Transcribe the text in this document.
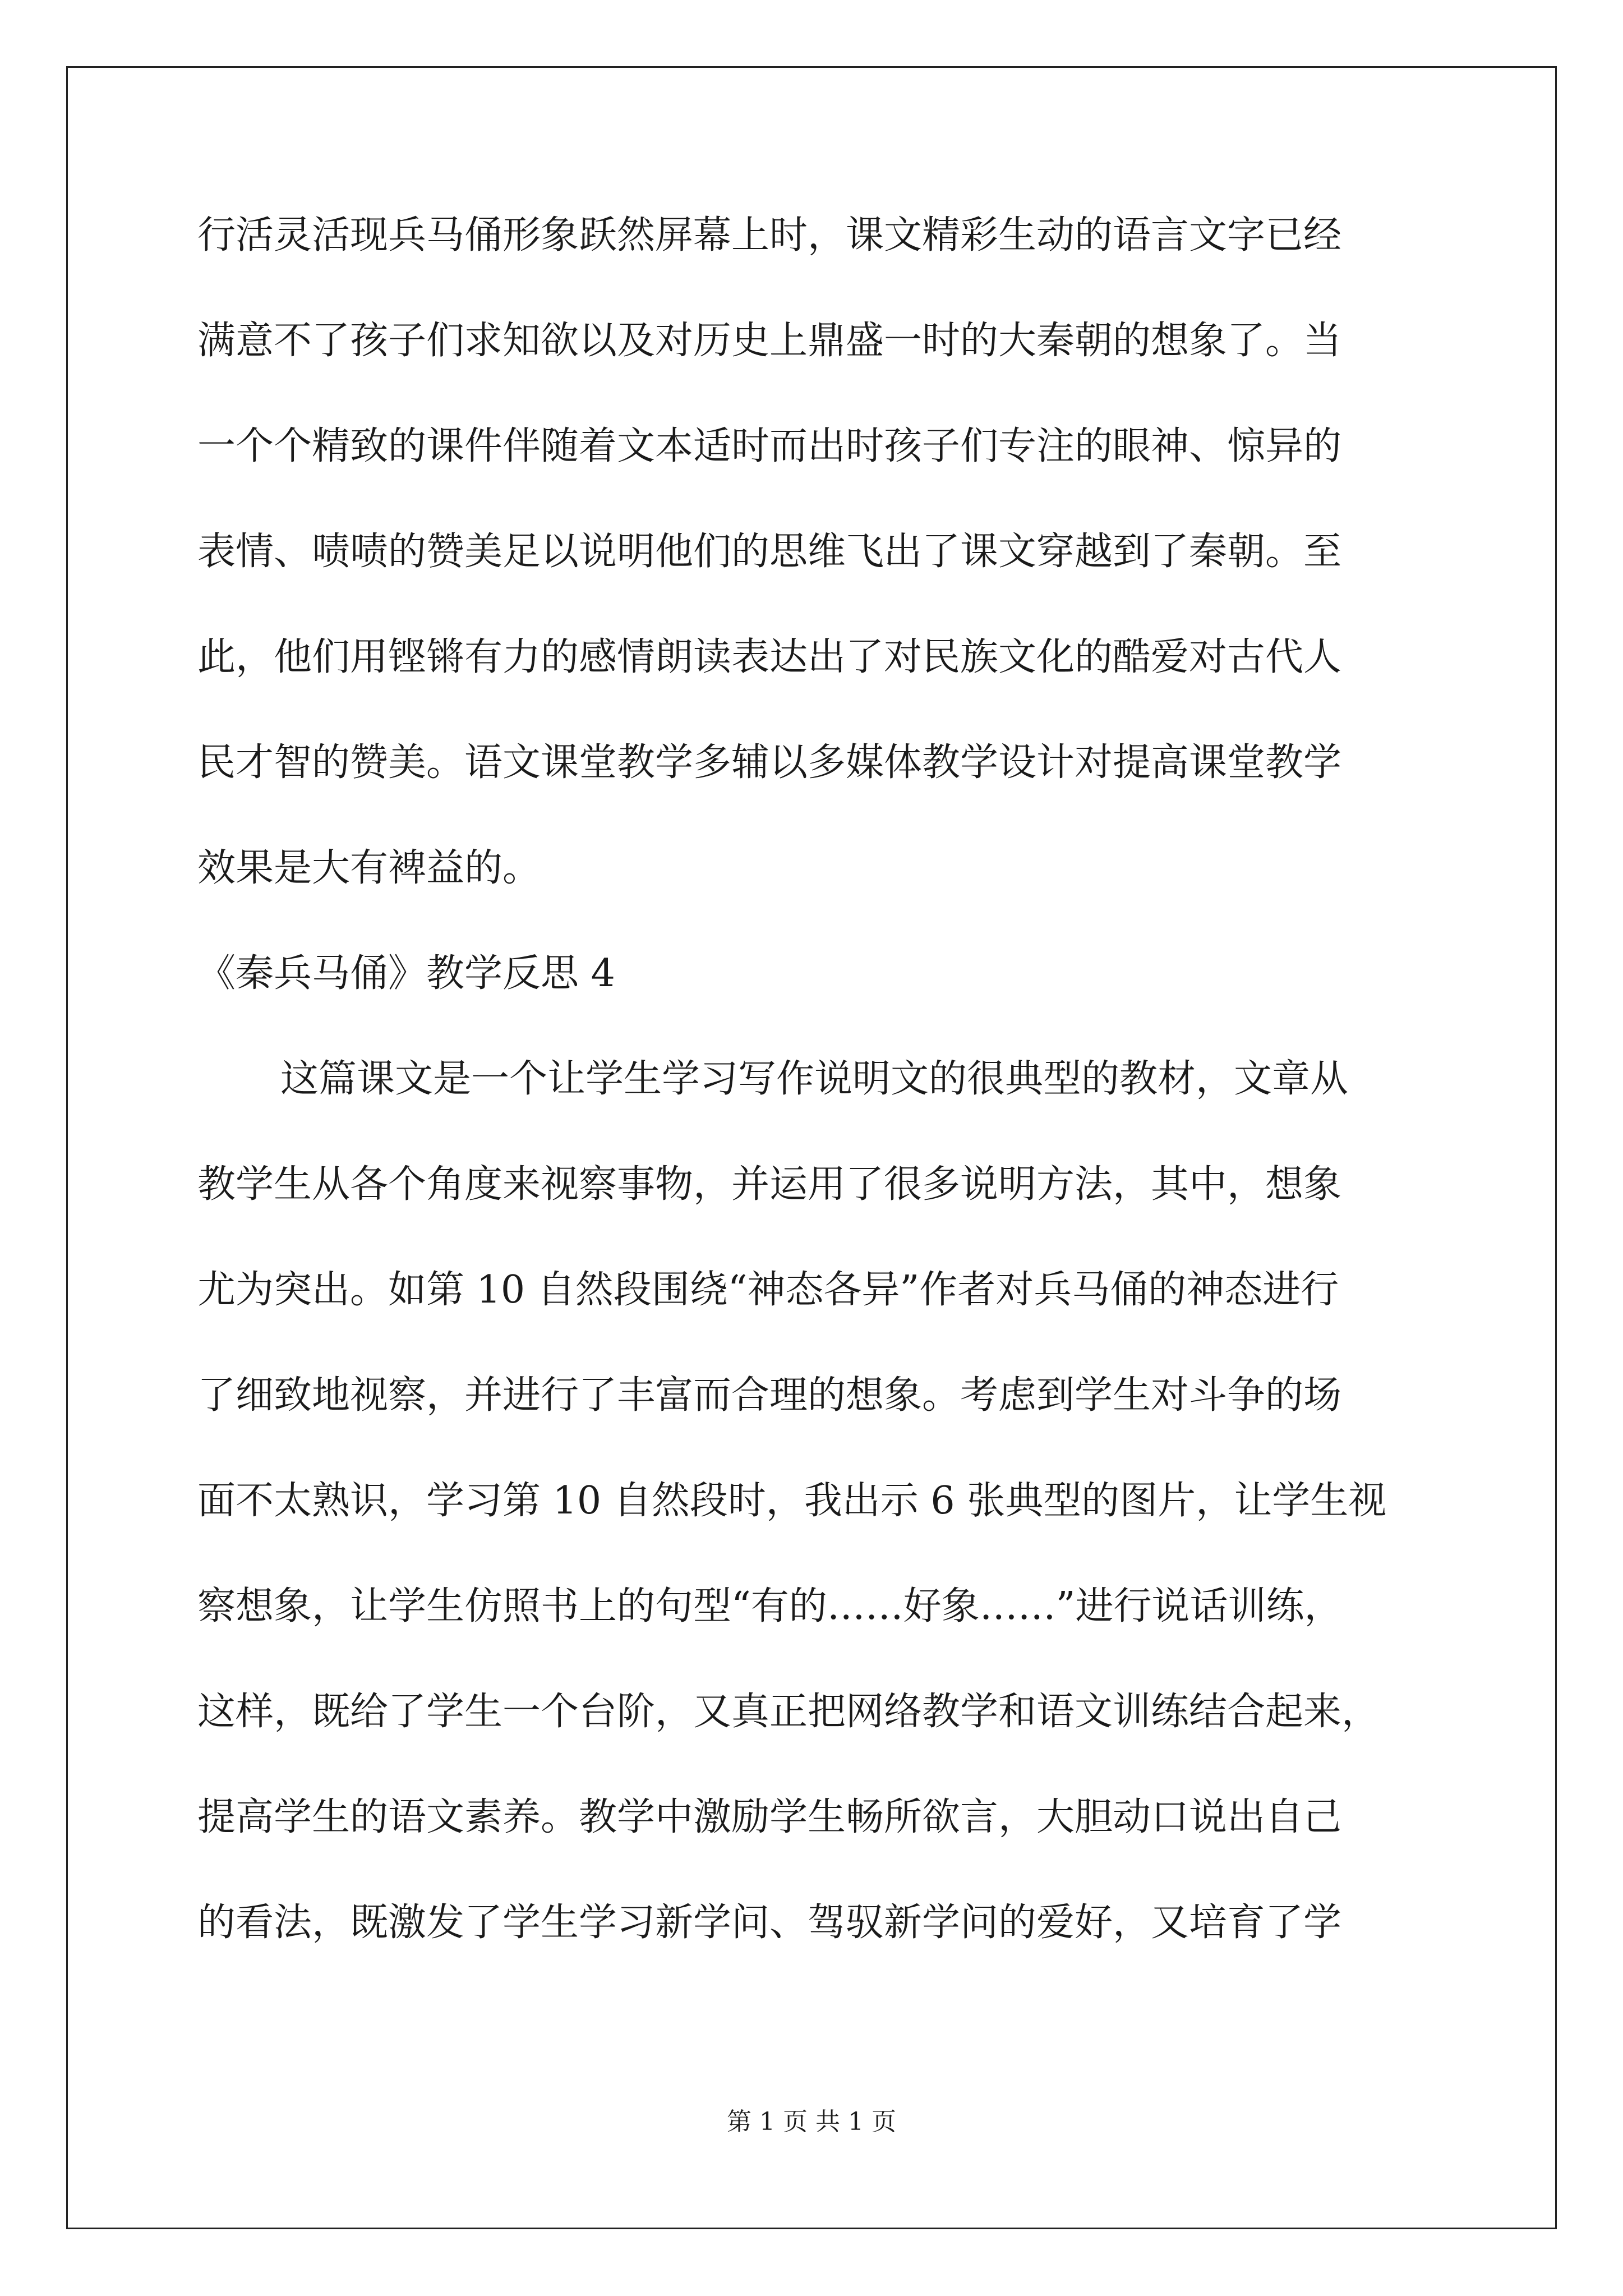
行活灵活现兵马俑形象跃然屏幕上时，课文精彩生动的语言文字已经
满意不了孩子们求知欲以及对历史上鼎盛一时的大秦朝的想象了。当
一个个精致的课件伴随着文本适时而出时孩子们专注的眼神、惊异的
表情、啧啧的赞美足以说明他们的思维飞出了课文穿越到了秦朝。至
此，他们用铿锵有力的感情朗读表达出了对民族文化的酷爱对古代人
民才智的赞美。语文课堂教学多辅以多媒体教学设计对提高课堂教学
效果是大有裨益的。
《秦兵马俑》教学反思 4
这篇课文是一个让学生学习写作说明文的很典型的教材，文章从
教学生从各个角度来视察事物，并运用了很多说明方法，其中，想象
尤为突出。如第 10 自然段围绕“神态各异”作者对兵马俑的神态进行
了细致地视察，并进行了丰富而合理的想象。考虑到学生对斗争的场
面不太熟识，学习第 10 自然段时，我出示 6 张典型的图片，让学生视
察想象，让学生仿照书上的句型“有的……好象……”进行说话训练，
这样，既给了学生一个台阶，又真正把网络教学和语文训练结合起来，
提高学生的语文素养。教学中激励学生畅所欲言，大胆动口说出自己
的看法，既激发了学生学习新学问、驾驭新学问的爱好，又培育了学
第 1 页 共 1 页
